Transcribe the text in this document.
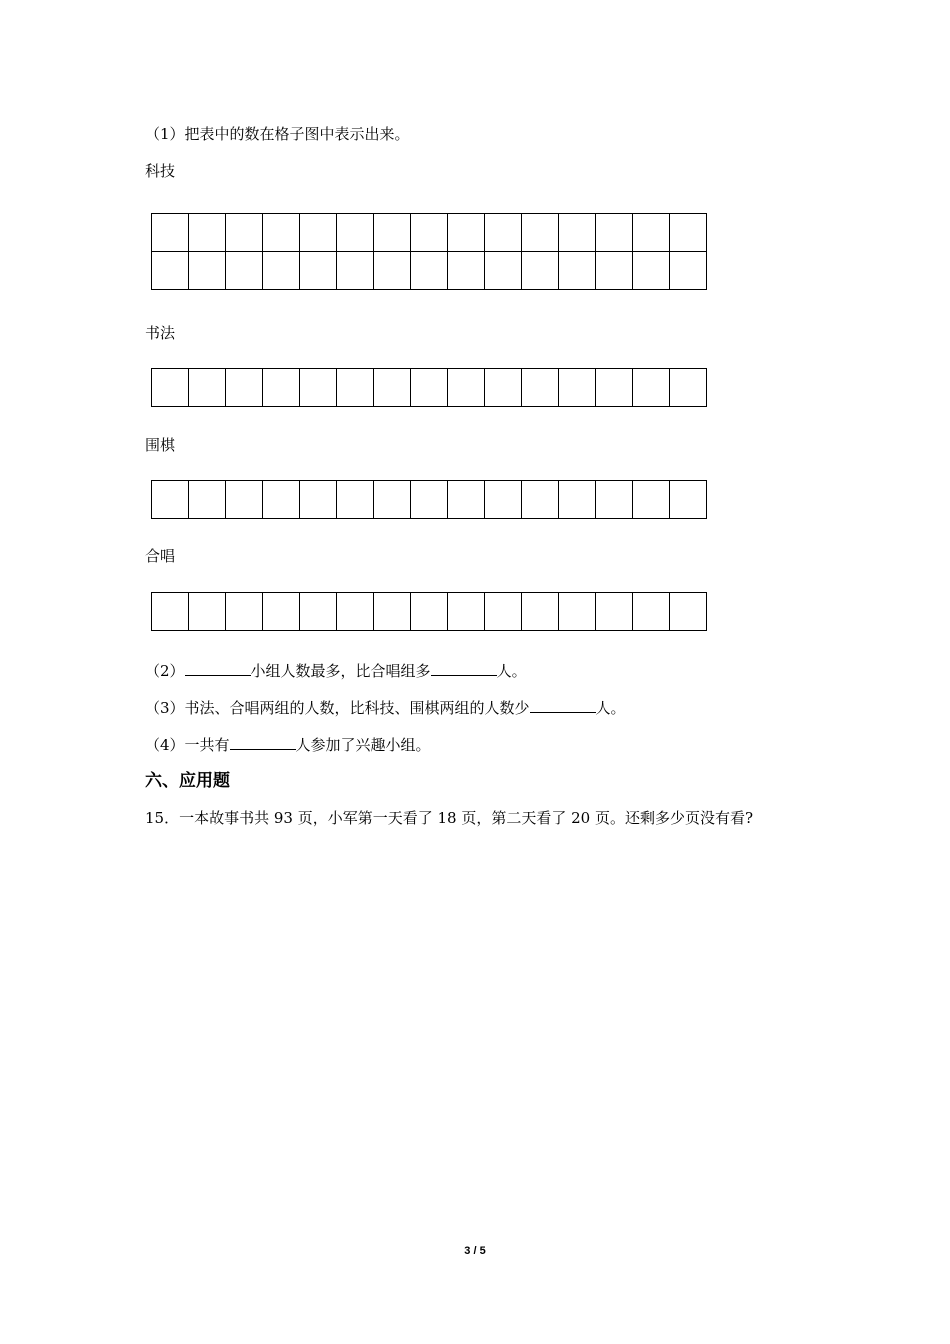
（1）把表中的数在格子图中表示出来。
科技

书法

围棋

合唱

（2）	小组人数最多，比合唱组多	人。
（3）书法、合唱两组的人数，比科技、围棋两组的人数少	人。
（4）一共有	人参加了兴趣小组。
六、应用题
15．一本故事书共 93 页，小军第一天看了 18 页，第二天看了 20 页。还剩多少页没有看?
3 / 5
